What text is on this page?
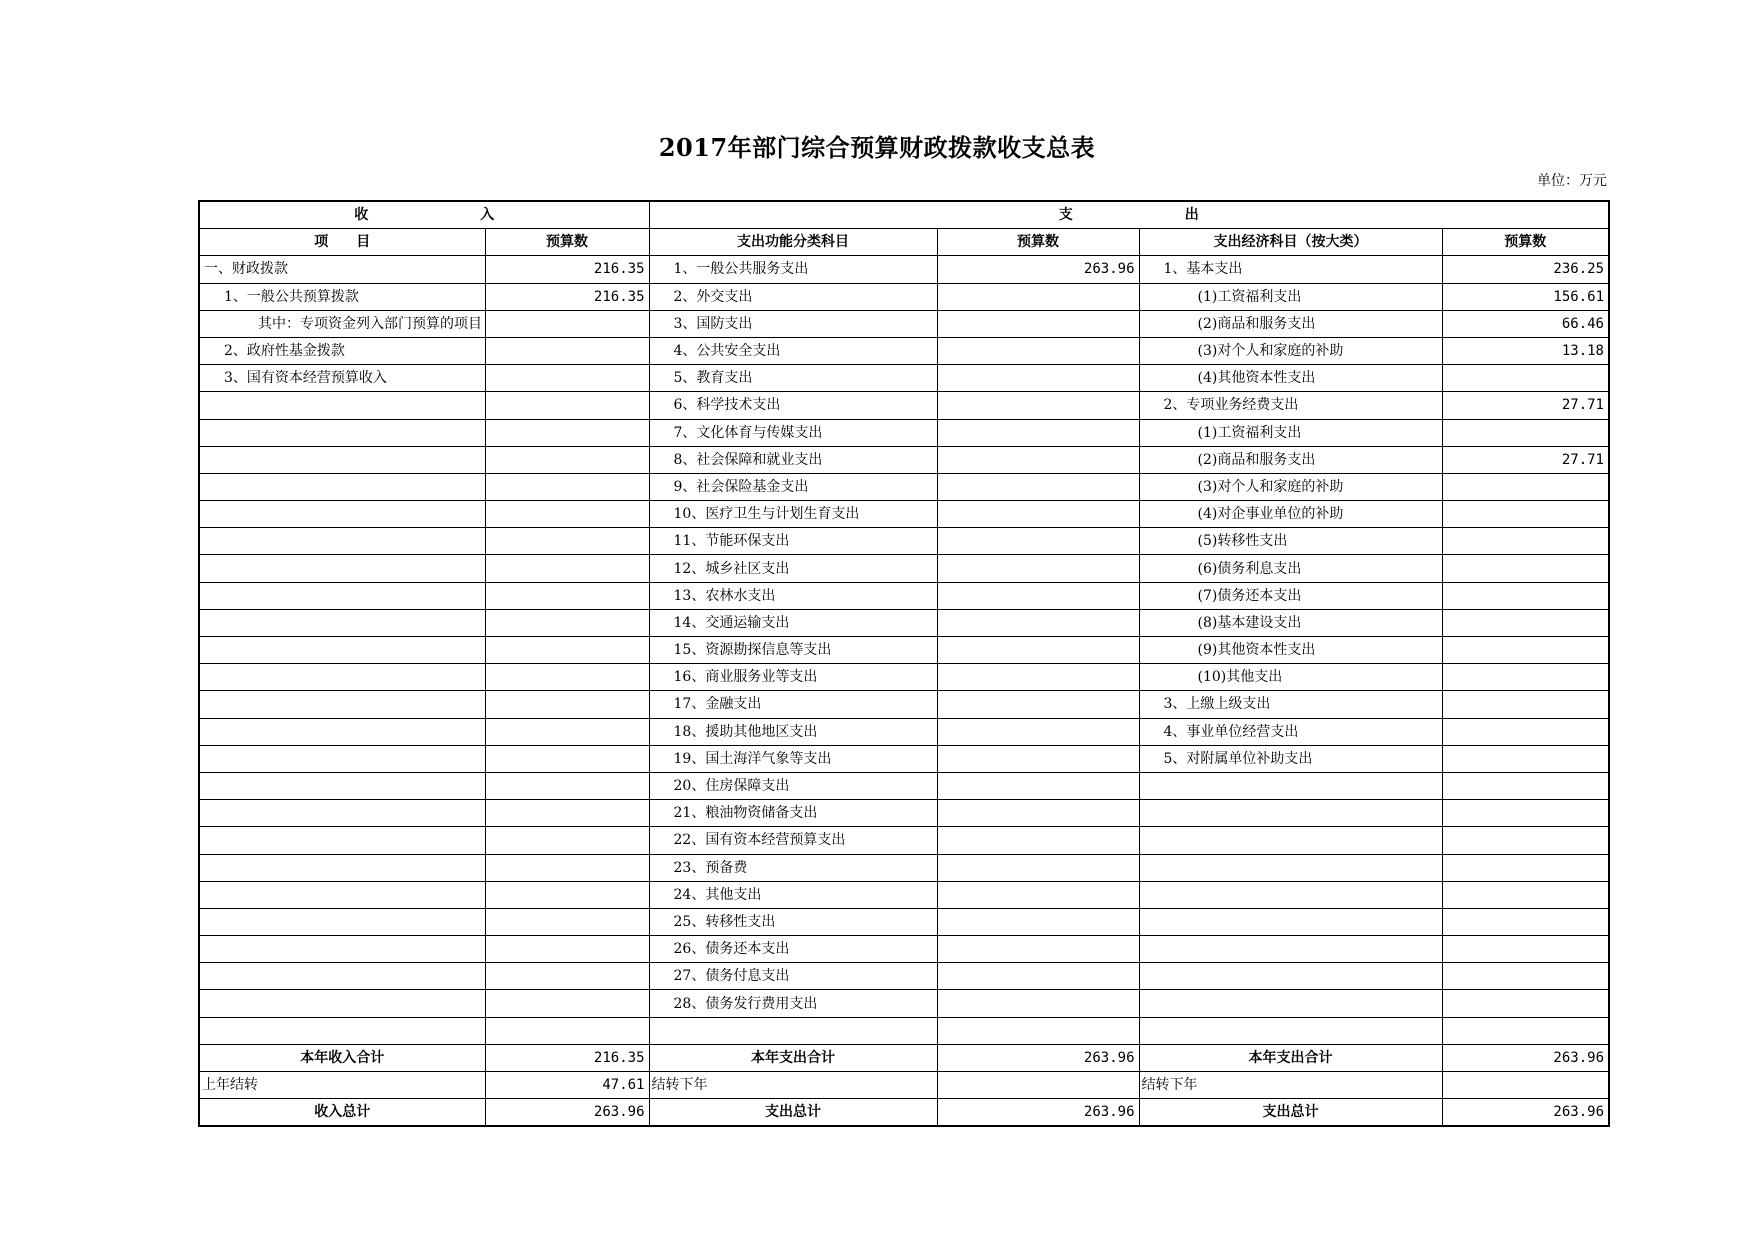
2017年部门综合预算财政拨款收支总表
单位：万元
收　　　　　　　　入		支　　　　　　　　出			
项　　目	预算数	支出功能分类科目	预算数	支出经济科目（按大类）	预算数
一、财政拨款	216.35	1、一般公共服务支出	263.96	1、基本支出	236.25
1、一般公共预算拨款	216.35	2、外交支出		(1)工资福利支出	156.61
其中：专项资金列入部门预算的项目		3、国防支出		(2)商品和服务支出	66.46
2、政府性基金拨款		4、公共安全支出		(3)对个人和家庭的补助	13.18
3、国有资本经营预算收入		5、教育支出		(4)其他资本性支出	
		6、科学技术支出		2、专项业务经费支出	27.71
		7、文化体育与传媒支出		(1)工资福利支出	
		8、社会保障和就业支出		(2)商品和服务支出	27.71
		9、社会保险基金支出		(3)对个人和家庭的补助	
		10、医疗卫生与计划生育支出		(4)对企事业单位的补助	
		11、节能环保支出		(5)转移性支出	
		12、城乡社区支出		(6)债务利息支出	
		13、农林水支出		(7)债务还本支出	
		14、交通运输支出		(8)基本建设支出	
		15、资源勘探信息等支出		(9)其他资本性支出	
		16、商业服务业等支出		(10)其他支出	
		17、金融支出		3、上缴上级支出	
		18、援助其他地区支出		4、事业单位经营支出	
		19、国土海洋气象等支出		5、对附属单位补助支出	
		20、住房保障支出			
		21、粮油物资储备支出			
		22、国有资本经营预算支出			
		23、预备费			
		24、其他支出			
		25、转移性支出			
		26、债务还本支出			
		27、债务付息支出			
		28、债务发行费用支出			

本年收入合计	216.35	本年支出合计	263.96	本年支出合计	263.96
上年结转	47.61	结转下年		结转下年	
收入总计	263.96	支出总计	263.96	支出总计	263.96
